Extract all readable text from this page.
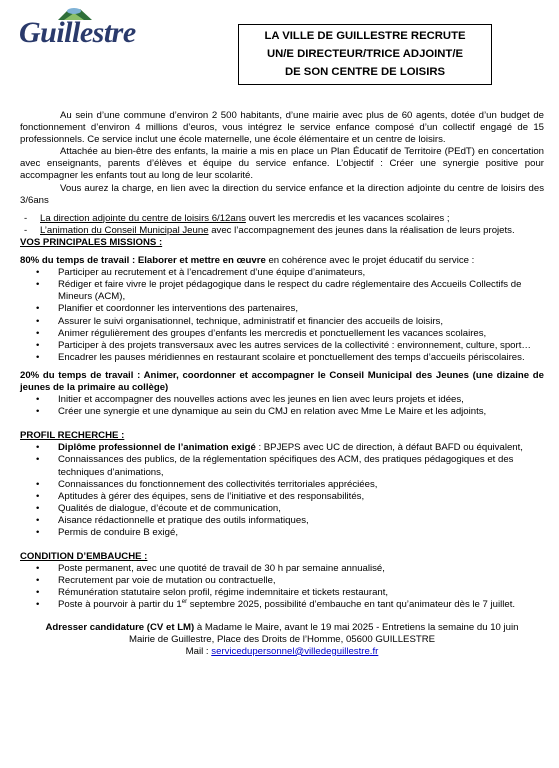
Guillestre	LA VILLE DE GUILLESTRE RECRUTE
UN/E DIRECTEUR/TRICE ADJOINT/E
DE SON CENTRE DE LOISIRS

Au sein d’une commune d’environ 2 500 habitants, d’une mairie avec plus de 60 agents, dotée d’un budget de fonctionnement d’environ 4 millions d’euros, vous intégrez le service enfance composé d’un collectif engagé de 15 professionnels. Ce service inclut une école maternelle, une école élémentaire et un centre de loisirs.

Attachée au bien-être des enfants, la mairie a mis en place un Plan Éducatif de Territoire (PEdT) en concertation avec enseignants, parents d’élèves et équipe du service enfance. L’objectif : Créer une synergie positive pour accompagner les enfants tout au long de leur scolarité.

Vous aurez la charge, en lien avec la direction du service enfance et la direction adjointe du centre de loisirs des 3/6ans

-	La direction adjointe du centre de loisirs 6/12ans ouvert les mercredis et les vacances scolaires ;

-	L’animation du Conseil Municipal Jeune avec l’accompagnement des jeunes dans la réalisation de leurs projets.

VOS PRINCIPALES MISSIONS :

80% du temps de travail : Elaborer et mettre en œuvre en cohérence avec le projet éducatif du service :

• Participer au recrutement et à l’encadrement d’une équipe d’animateurs,
• Rédiger et faire vivre le projet pédagogique dans le respect du cadre réglementaire des Accueils Collectifs de Mineurs (ACM),
• Planifier et coordonner les interventions des partenaires,
• Assurer le suivi organisationnel, technique, administratif et financier des accueils de loisirs,
• Animer régulièrement des groupes d’enfants les mercredis et ponctuellement les vacances scolaires,
• Participer à des projets transversaux avec les autres services de la collectivité : environnement, culture, sport…
• Encadrer les pauses méridiennes en restaurant scolaire et ponctuellement des temps d’accueils périscolaires.

20% du temps de travail : Animer, coordonner et accompagner le Conseil Municipal des Jeunes (une dizaine de jeunes de la primaire au collège)

• Initier et accompagner des nouvelles actions avec les jeunes en lien avec leurs projets et idées,
• Créer une synergie et une dynamique au sein du CMJ en relation avec Mme Le Maire et les adjoints,

PROFIL RECHERCHE :

• Diplôme professionnel de l’animation exigé : BPJEPS avec UC de direction, à défaut BAFD ou équivalent,
• Connaissances des publics, de la réglementation spécifiques des ACM, des pratiques pédagogiques et des techniques d’animations,
• Connaissances du fonctionnement des collectivités territoriales appréciées,
• Aptitudes à gérer des équipes, sens de l’initiative et des responsabilités,
• Qualités de dialogue, d’écoute et de communication,
• Aisance rédactionnelle et pratique des outils informatiques,
• Permis de conduire B exigé,

CONDITION D’EMBAUCHE :

• Poste permanent, avec une quotité de travail de 30 h par semaine annualisé,
• Recrutement par voie de mutation ou contractuelle,
• Rémunération statutaire selon profil, régime indemnitaire et tickets restaurant,
• Poste à pourvoir à partir du 1er septembre 2025, possibilité d’embauche en tant qu’animateur dès le 7 juillet.

Adresser candidature (CV et LM) à Madame le Maire, avant le 19 mai 2025 - Entretiens la semaine du 10 juin

Mairie de Guillestre, Place des Droits de l’Homme, 05600 GUILLESTRE

Mail : servicedupersonnel@villedeguillestre.fr
